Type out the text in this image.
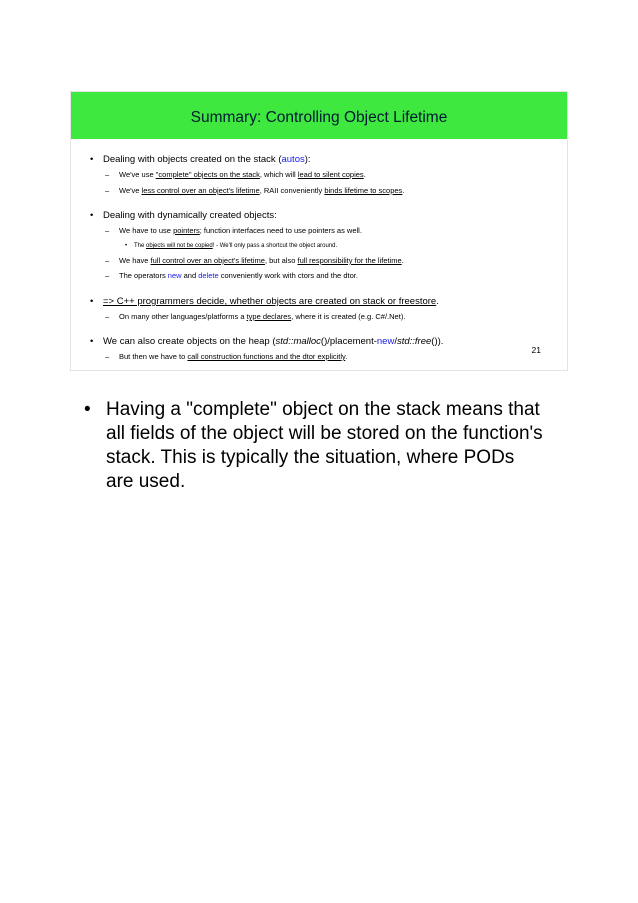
Summary: Controlling Object Lifetime
• Dealing with objects created on the stack (autos):
– We've use "complete" objects on the stack, which will lead to silent copies.
– We've less control over an object's lifetime, RAII conveniently binds lifetime to scopes.
• Dealing with dynamically created objects:
– We have to use pointers; function interfaces need to use pointers as well.
• The objects will not be copied! - We'll only pass a shortcut the object around.
– We have full control over an object's lifetime, but also full responsibility for the lifetime.
– The operators new and delete conveniently work with ctors and the dtor.
• => C++ programmers decide, whether objects are created on stack or freestore.
– On many other languages/platforms a type declares, where it is created (e.g. C#/.Net).
• We can also create objects on the heap (std::malloc()/placement-new/std::free()).
– But then we have to call construction functions and the dtor explicitly.
21
• Having a "complete" object on the stack means that all fields of the object will be stored on the function's stack. This is typically the situation, where PODs are used.
